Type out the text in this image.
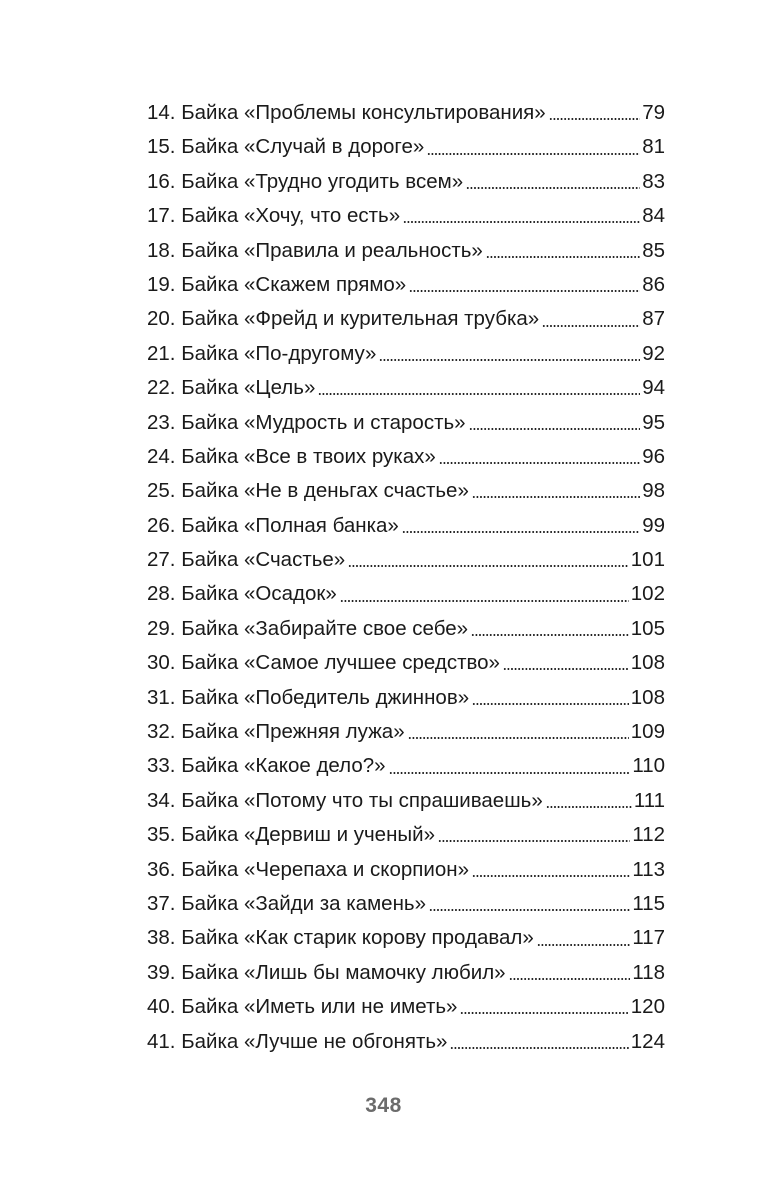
14. Байка «Проблемы консультирования»	79
15. Байка «Случай в дороге»	81
16. Байка «Трудно угодить всем»	83
17. Байка «Хочу, что есть»	84
18. Байка «Правила и реальность»	85
19. Байка «Скажем прямо»	86
20. Байка «Фрейд и курительная трубка»	87
21. Байка «По-другому»	92
22. Байка «Цель»	94
23. Байка «Мудрость и старость»	95
24. Байка «Все в твоих руках»	96
25. Байка «Не в деньгах счастье»	98
26. Байка «Полная банка»	99
27. Байка «Счастье»	101
28. Байка «Осадок»	102
29. Байка «Забирайте свое себе»	105
30. Байка «Самое лучшее средство»	108
31. Байка «Победитель джиннов»	108
32. Байка «Прежняя лужа»	109
33. Байка «Какое дело?»	110
34. Байка «Потому что ты спрашиваешь»	111
35. Байка «Дервиш и ученый»	112
36. Байка «Черепаха и скорпион»	113
37. Байка «Зайди за камень»	115
38. Байка «Как старик корову продавал»	117
39. Байка «Лишь бы мамочку любил»	118
40. Байка «Иметь или не иметь»	120
41. Байка «Лучше не обгонять»	124
348
